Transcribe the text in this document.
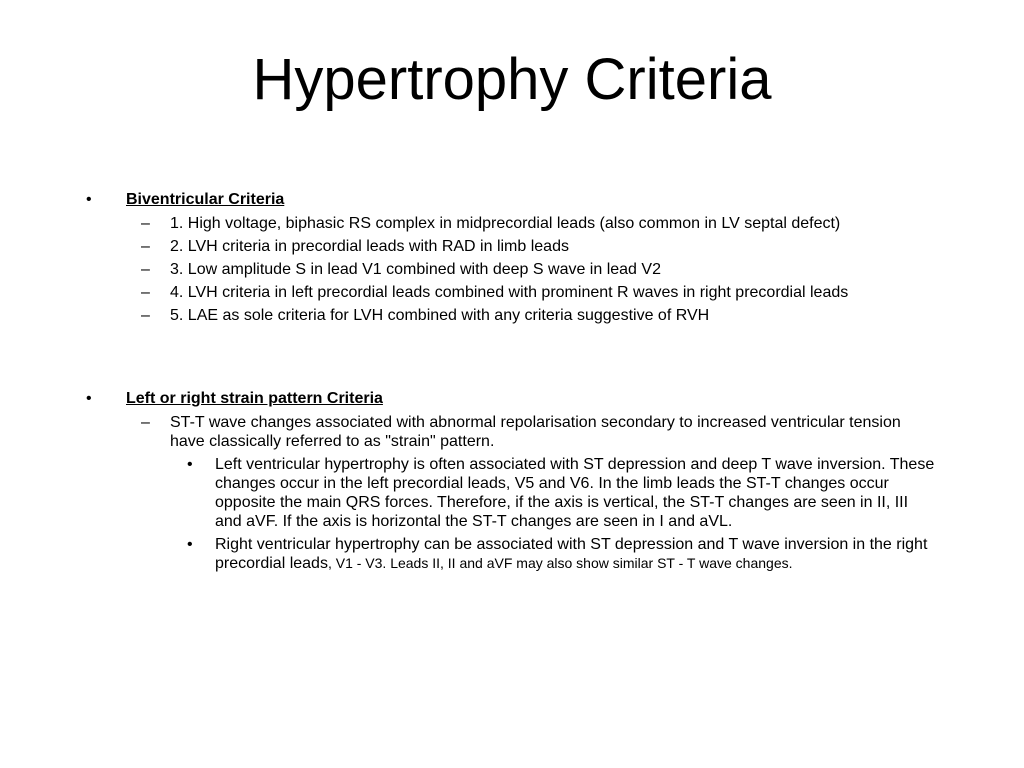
Hypertrophy Criteria
• Biventricular Criteria
– 1. High voltage, biphasic RS complex in midprecordial leads (also common in LV septal defect)
– 2. LVH criteria in precordial leads with RAD in limb leads
– 3. Low amplitude S in lead V1 combined with deep S wave in lead V2
– 4. LVH criteria in left precordial leads combined with prominent R waves in right precordial leads
– 5. LAE as sole criteria for LVH combined with any criteria suggestive of RVH
• Left or right strain pattern Criteria
– ST-T wave changes associated with abnormal repolarisation secondary to increased ventricular tension have classically referred to as "strain" pattern.
• Left ventricular hypertrophy is often associated with ST depression and deep T wave inversion. These changes occur in the left precordial leads, V5 and V6. In the limb leads the ST-T changes occur opposite the main QRS forces. Therefore, if the axis is vertical, the ST-T changes are seen in II, III and aVF. If the axis is horizontal the ST-T changes are seen in I and aVL.
• Right ventricular hypertrophy can be associated with ST depression and T wave inversion in the right precordial leads, V1 - V3. Leads II, II and aVF may also show similar ST - T wave changes.
